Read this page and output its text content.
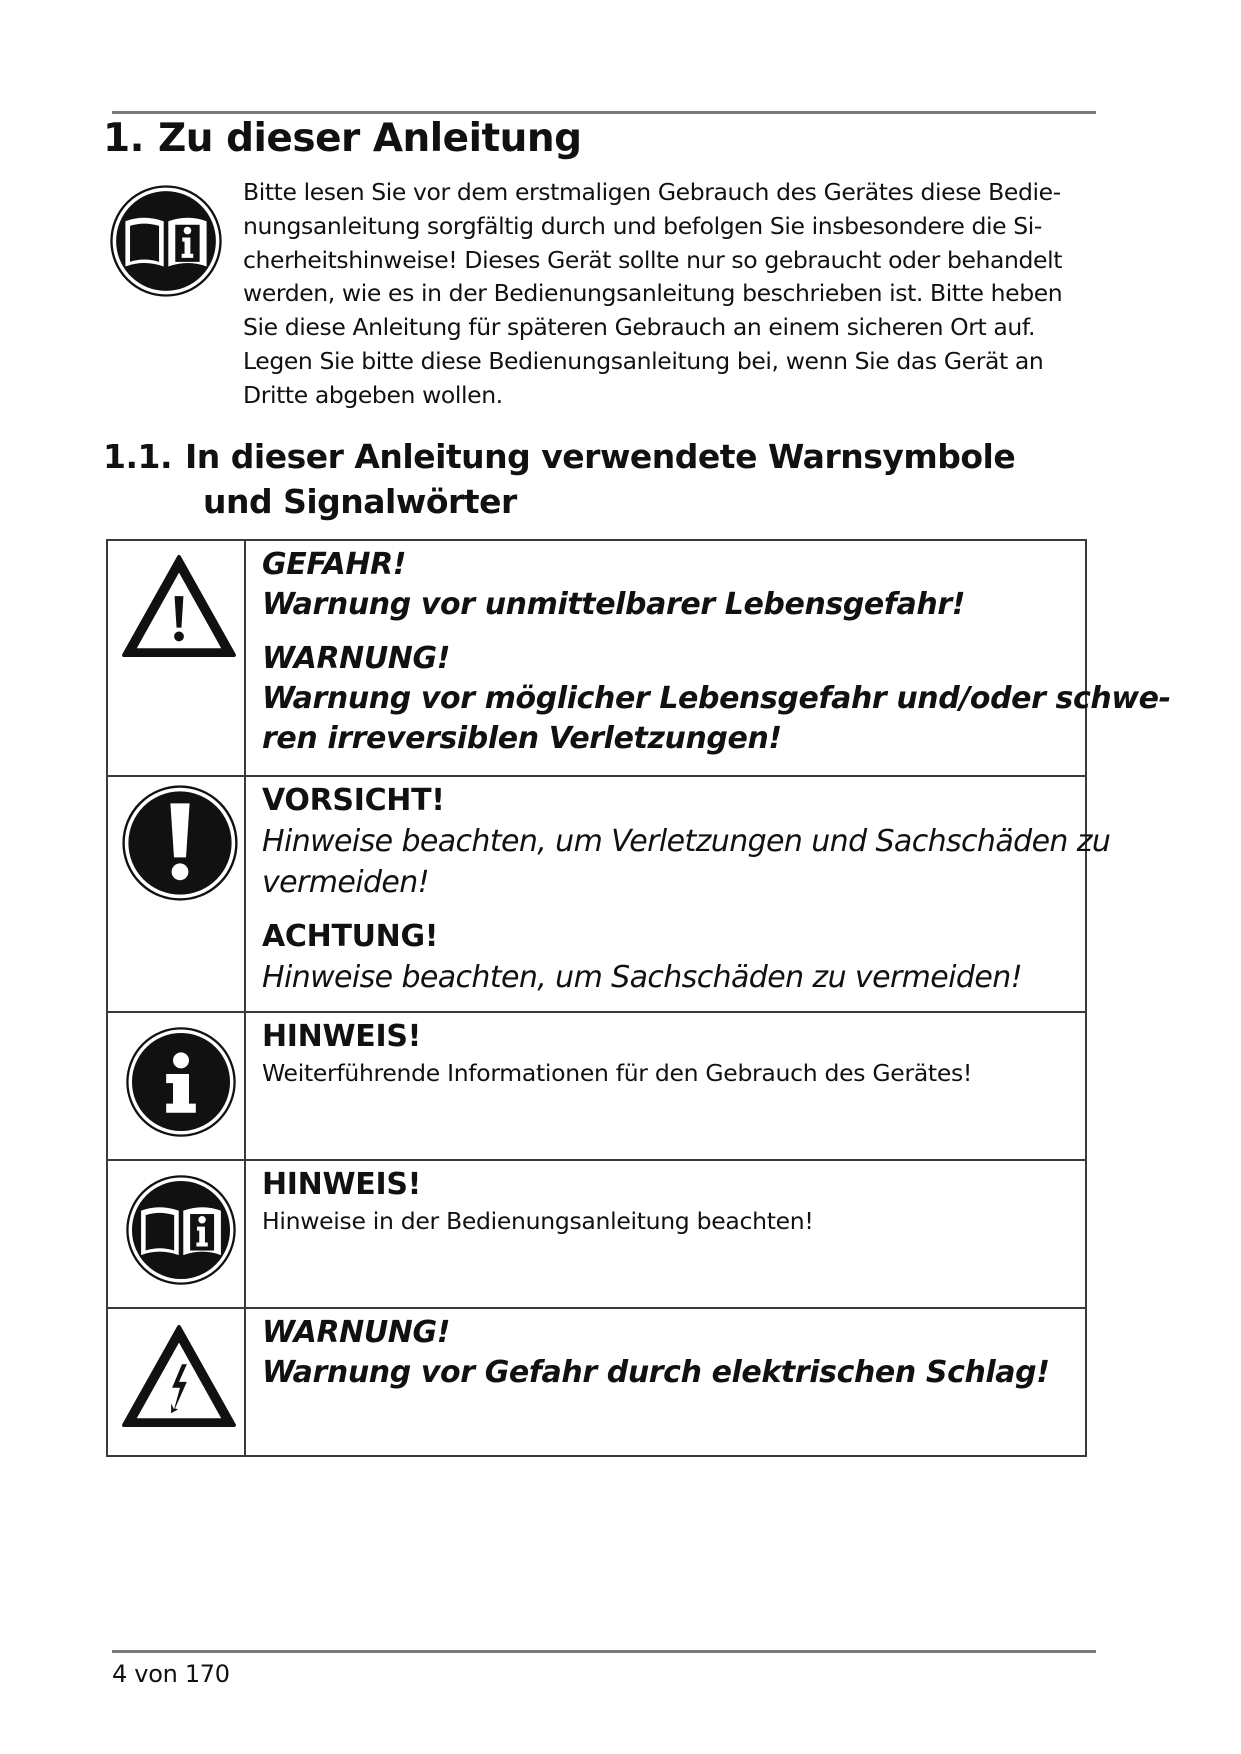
1. Zu dieser Anleitung
Bitte lesen Sie vor dem erstmaligen Gebrauch des Gerätes diese Bedie-
nungsanleitung sorgfältig durch und befolgen Sie insbesondere die Si-
cherheitshinweise! Dieses Gerät sollte nur so gebraucht oder behandelt
werden, wie es in der Bedienungsanleitung beschrieben ist. Bitte heben
Sie diese Anleitung für späteren Gebrauch an einem sicheren Ort auf.
Legen Sie bitte diese Bedienungsanleitung bei, wenn Sie das Gerät an
Dritte abgeben wollen.
1.1. In dieser Anleitung verwendete Warnsymbole
und Signalwörter

GEFAHR!
Warnung vor unmittelbarer Lebensgefahr!
WARNUNG!
Warnung vor möglicher Lebensgefahr und/oder schwe-
ren irreversiblen Verletzungen!

VORSICHT!
Hinweise beachten, um Verletzungen und Sachschäden zu
vermeiden!
ACHTUNG!
Hinweise beachten, um Sachschäden zu vermeiden!

HINWEIS!
Weiterführende Informationen für den Gebrauch des Gerätes!

HINWEIS!
Hinweise in der Bedienungsanleitung beachten!

WARNUNG!
Warnung vor Gefahr durch elektrischen Schlag!
4 von 170
